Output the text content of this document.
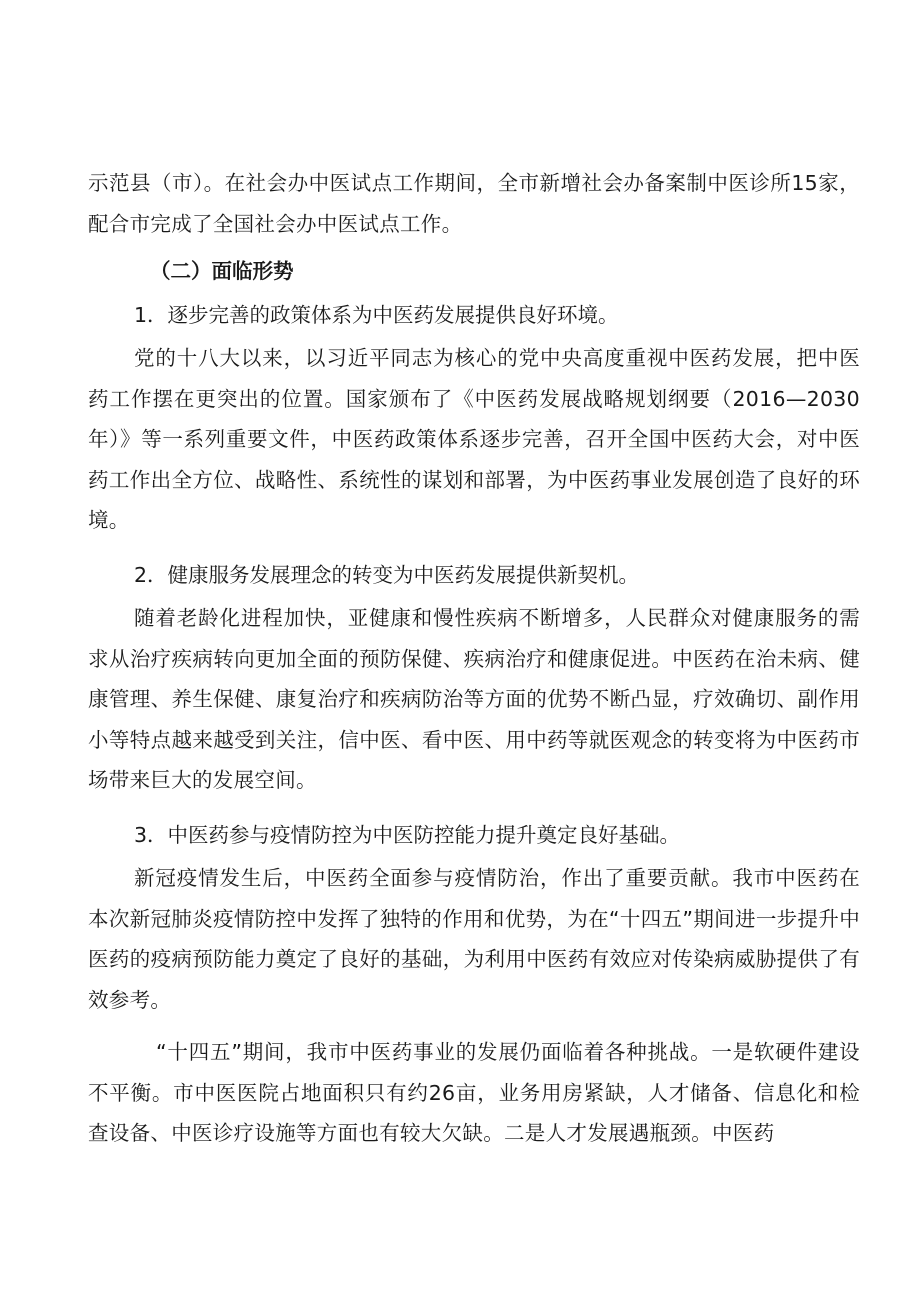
示范县（市）。在社会办中医试点工作期间，全市新增社会办备案制中医诊所15家，配合市完成了全国社会办中医试点工作。

（二）面临形势

1．逐步完善的政策体系为中医药发展提供良好环境。

党的十八大以来，以习近平同志为核心的党中央高度重视中医药发展，把中医药工作摆在更突出的位置。国家颁布了《中医药发展战略规划纲要（2016—2030年）》等一系列重要文件，中医药政策体系逐步完善，召开全国中医药大会，对中医药工作出全方位、战略性、系统性的谋划和部署，为中医药事业发展创造了良好的环境。

2．健康服务发展理念的转变为中医药发展提供新契机。

随着老龄化进程加快，亚健康和慢性疾病不断增多，人民群众对健康服务的需求从治疗疾病转向更加全面的预防保健、疾病治疗和健康促进。中医药在治未病、健康管理、养生保健、康复治疗和疾病防治等方面的优势不断凸显，疗效确切、副作用小等特点越来越受到关注，信中医、看中医、用中药等就医观念的转变将为中医药市场带来巨大的发展空间。

3．中医药参与疫情防控为中医防控能力提升奠定良好基础。

新冠疫情发生后，中医药全面参与疫情防治，作出了重要贡献。我市中医药在本次新冠肺炎疫情防控中发挥了独特的作用和优势，为在“十四五”期间进一步提升中医药的疫病预防能力奠定了良好的基础，为利用中医药有效应对传染病威胁提供了有效参考。

“十四五”期间，我市中医药事业的发展仍面临着各种挑战。一是软硬件建设不平衡。市中医医院占地面积只有约26亩，业务用房紧缺，人才储备、信息化和检查设备、中医诊疗设施等方面也有较大欠缺。二是人才发展遇瓶颈。中医药
